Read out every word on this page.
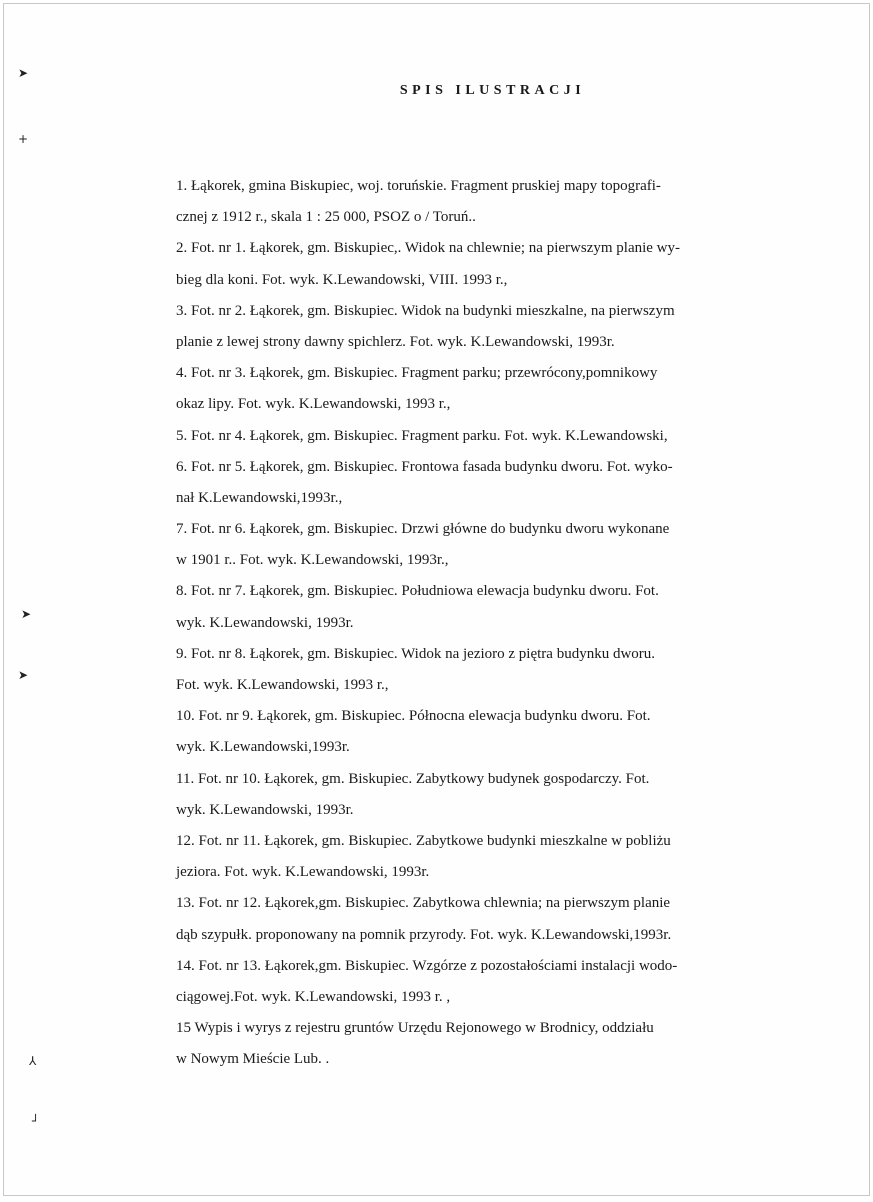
SPIS ILUSTRACJI
➤
+
➤
➤
⅄
┘
1. Łąkorek, gmina Biskupiec, woj. toruńskie. Fragment pruskiej mapy topografi-
cznej z 1912 r., skala 1 : 25 000, PSOZ o / Toruń..
2. Fot. nr 1. Łąkorek, gm. Biskupiec,. Widok na chlewnie; na pierwszym planie wy-
bieg dla koni. Fot. wyk. K.Lewandowski, VIII. 1993 r.,
3. Fot. nr 2. Łąkorek, gm. Biskupiec. Widok na budynki mieszkalne, na pierwszym
planie z lewej strony dawny spichlerz. Fot. wyk. K.Lewandowski, 1993r.
4. Fot. nr 3. Łąkorek, gm. Biskupiec. Fragment parku; przewrócony,pomnikowy
okaz lipy. Fot. wyk. K.Lewandowski, 1993 r.,
5. Fot. nr 4. Łąkorek, gm. Biskupiec. Fragment parku. Fot. wyk. K.Lewandowski,
6. Fot. nr 5. Łąkorek, gm. Biskupiec. Frontowa fasada budynku dworu. Fot. wyko-
nał K.Lewandowski,1993r.,
7. Fot. nr 6. Łąkorek, gm. Biskupiec. Drzwi główne do budynku dworu wykonane
w 1901 r.. Fot. wyk. K.Lewandowski, 1993r.,
8. Fot. nr 7. Łąkorek, gm. Biskupiec. Południowa elewacja budynku dworu. Fot.
wyk. K.Lewandowski, 1993r.
9. Fot. nr 8. Łąkorek, gm. Biskupiec. Widok na jezioro z piętra budynku dworu.
Fot. wyk. K.Lewandowski, 1993 r.,
10. Fot. nr 9. Łąkorek, gm. Biskupiec. Północna elewacja budynku dworu. Fot.
wyk. K.Lewandowski,1993r.
11. Fot. nr 10. Łąkorek, gm. Biskupiec. Zabytkowy budynek gospodarczy. Fot.
wyk. K.Lewandowski, 1993r.
12. Fot. nr 11. Łąkorek, gm. Biskupiec. Zabytkowe budynki mieszkalne w pobliżu
jeziora. Fot. wyk. K.Lewandowski, 1993r.
13. Fot. nr 12. Łąkorek,gm. Biskupiec. Zabytkowa chlewnia; na pierwszym planie
dąb szypułk. proponowany na pomnik przyrody. Fot. wyk. K.Lewandowski,1993r.
14. Fot. nr 13. Łąkorek,gm. Biskupiec. Wzgórze z pozostałościami instalacji wodo-
ciągowej.Fot. wyk. K.Lewandowski, 1993 r. ,
15 Wypis i wyrys z rejestru gruntów Urzędu Rejonowego w Brodnicy, oddziału
w Nowym Mieście Lub. .
